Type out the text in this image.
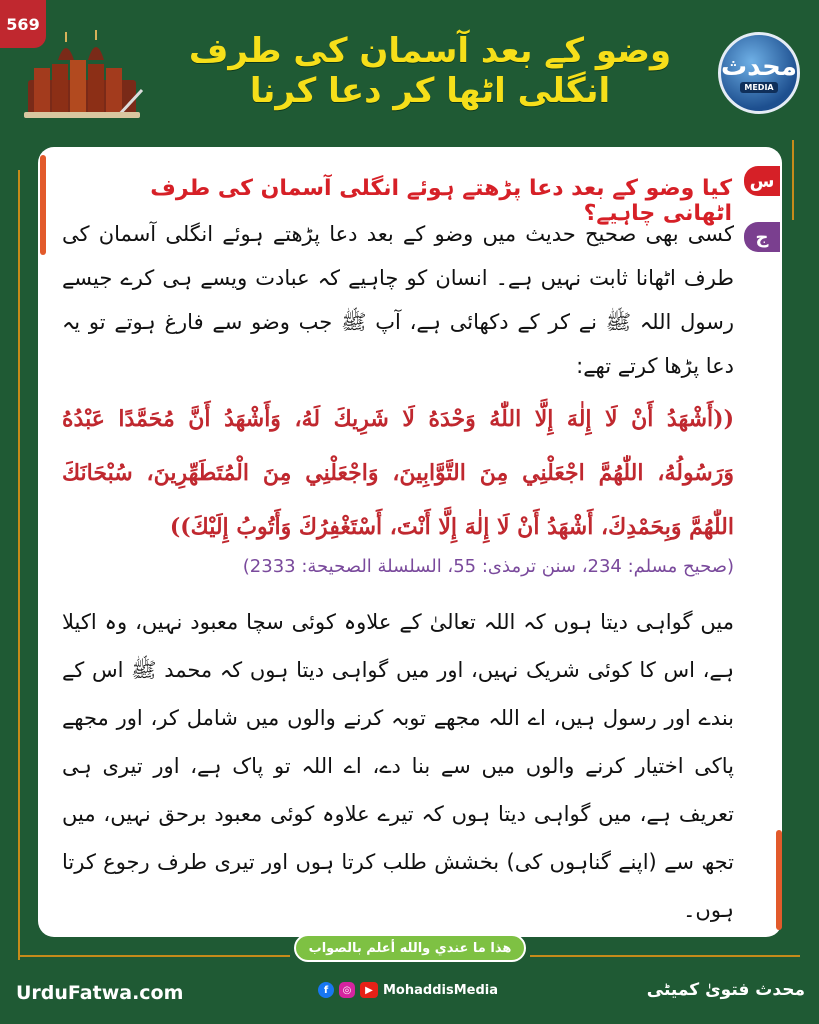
569
وضو کے بعد آسمان کی طرف انگلی اٹھا کر دعا کرنا
محدث
MEDIA
س
ج
کیا وضو کے بعد دعا پڑھتے ہوئے انگلی آسمان کی طرف اٹھانی چاہیے؟
کسی بھی صحیح حدیث میں وضو کے بعد دعا پڑھتے ہوئے انگلی آسمان کی طرف اٹھانا ثابت نہیں ہے۔ انسان کو چاہیے کہ عبادت ویسے ہی کرے جیسے رسول اللہ ﷺ نے کر کے دکھائی ہے، آپ ﷺ جب وضو سے فارغ ہوتے تو یہ دعا پڑھا کرتے تھے:
((أَشْهَدُ أَنْ لَا إِلٰهَ إِلَّا اللّٰهُ وَحْدَهُ لَا شَرِيكَ لَهُ، وَأَشْهَدُ أَنَّ مُحَمَّدًا عَبْدُهُ وَرَسُولُهُ، اللّٰهُمَّ اجْعَلْنِي مِنَ التَّوَّابِينَ، وَاجْعَلْنِي مِنَ الْمُتَطَهِّرِينَ، سُبْحَانَكَ اللّٰهُمَّ وَبِحَمْدِكَ، أَشْهَدُ أَنْ لَا إِلٰهَ إِلَّا أَنْتَ، أَسْتَغْفِرُكَ وَأَتُوبُ إِلَيْكَ))
(صحیح مسلم: 234، سنن ترمذی: 55، السلسلة الصحیحة: 2333)
میں گواہی دیتا ہوں کہ اللہ تعالیٰ کے علاوہ کوئی سچا معبود نہیں، وہ اکیلا ہے، اس کا کوئی شریک نہیں، اور میں گواہی دیتا ہوں کہ محمد ﷺ اس کے بندے اور رسول ہیں، اے اللہ مجھے توبہ کرنے والوں میں شامل کر، اور مجھے پاکی اختیار کرنے والوں میں سے بنا دے، اے اللہ تو پاک ہے، اور تیری ہی تعریف ہے، میں گواہی دیتا ہوں کہ تیرے علاوہ کوئی معبود برحق نہیں، میں تجھ سے (اپنے گناہوں کی) بخشش طلب کرتا ہوں اور تیری طرف رجوع کرتا ہوں۔
هذا ما عندي والله أعلم بالصواب
UrduFatwa.com	f	◎	▶ MohaddisMedia	محدث فتویٰ کمیٹی
